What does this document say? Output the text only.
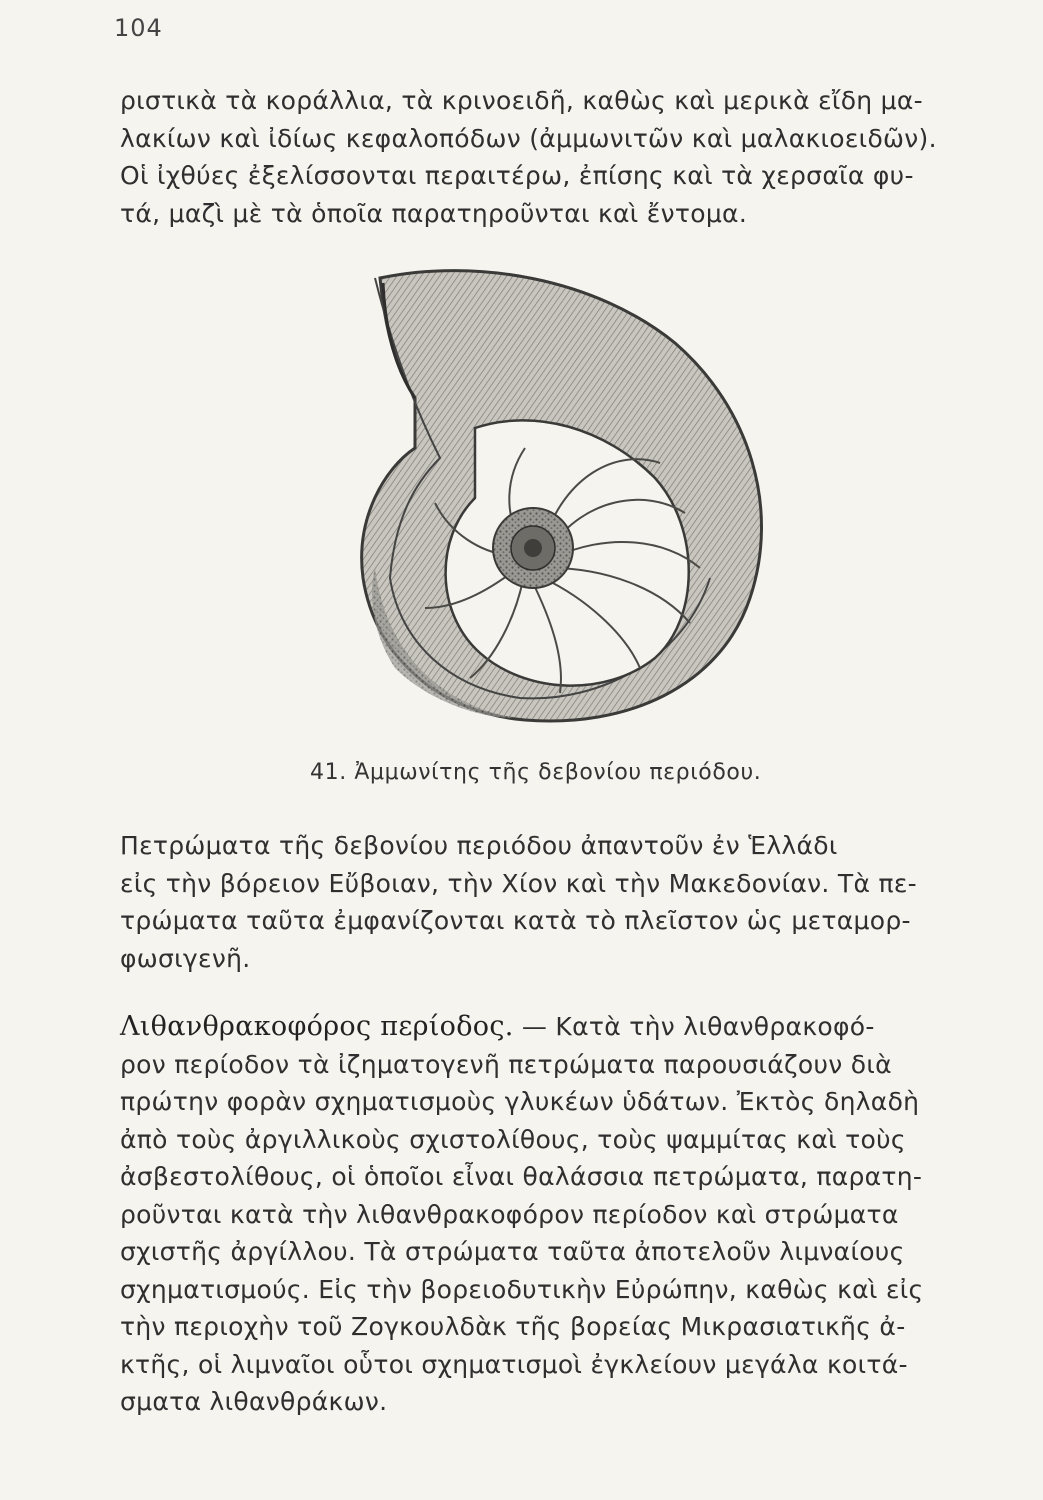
104
ριστικὰ τὰ κοράλλια, τὰ κρινοειδῆ, καθὼς καὶ μερικὰ εἴδη μα-
λακίων καὶ ἰδίως κεφαλοπόδων (ἀμμωνιτῶν καὶ μαλακιοειδῶν).
Οἱ ἰχθύες ἐξελίσσονται περαιτέρω, ἐπίσης καὶ τὰ χερσαῖα φυ-
τά, μαζὶ μὲ τὰ ὁποῖα παρατηροῦνται καὶ ἔντομα.
41. Ἀμμωνίτης τῆς δεβονίου περιόδου.
Πετρώματα τῆς δεβονίου περιόδου ἀπαντοῦν ἐν Ἑλλάδι
εἰς τὴν βόρειον Εὔβοιαν, τὴν Χίον καὶ τὴν Μακεδονίαν. Τὰ πε-
τρώματα ταῦτα ἐμφανίζονται κατὰ τὸ πλεῖστον ὡς μεταμορ-
φωσιγενῆ.
Λιθανθρακοφόρος περίοδος. — Κατὰ τὴν λιθανθρακοφό-
ρον περίοδον τὰ ἰζηματογενῆ πετρώματα παρουσιάζουν διὰ
πρώτην φορὰν σχηματισμοὺς γλυκέων ὑδάτων. Ἐκτὸς δηλαδὴ
ἀπὸ τοὺς ἀργιλλικοὺς σχιστολίθους, τοὺς ψαμμίτας καὶ τοὺς
ἀσβεστολίθους, οἱ ὁποῖοι εἶναι θαλάσσια πετρώματα, παρατη-
ροῦνται κατὰ τὴν λιθανθρακοφόρον περίοδον καὶ στρώματα
σχιστῆς ἀργίλλου. Τὰ στρώματα ταῦτα ἀποτελοῦν λιμναίους
σχηματισμούς. Εἰς τὴν βορειοδυτικὴν Εὐρώπην, καθὼς καὶ εἰς
τὴν περιοχὴν τοῦ Ζογκουλδὰκ τῆς βορείας Μικρασιατικῆς ἀ-
κτῆς, οἱ λιμναῖοι οὗτοι σχηματισμοὶ ἐγκλείουν μεγάλα κοιτά-
σματα λιθανθράκων.
